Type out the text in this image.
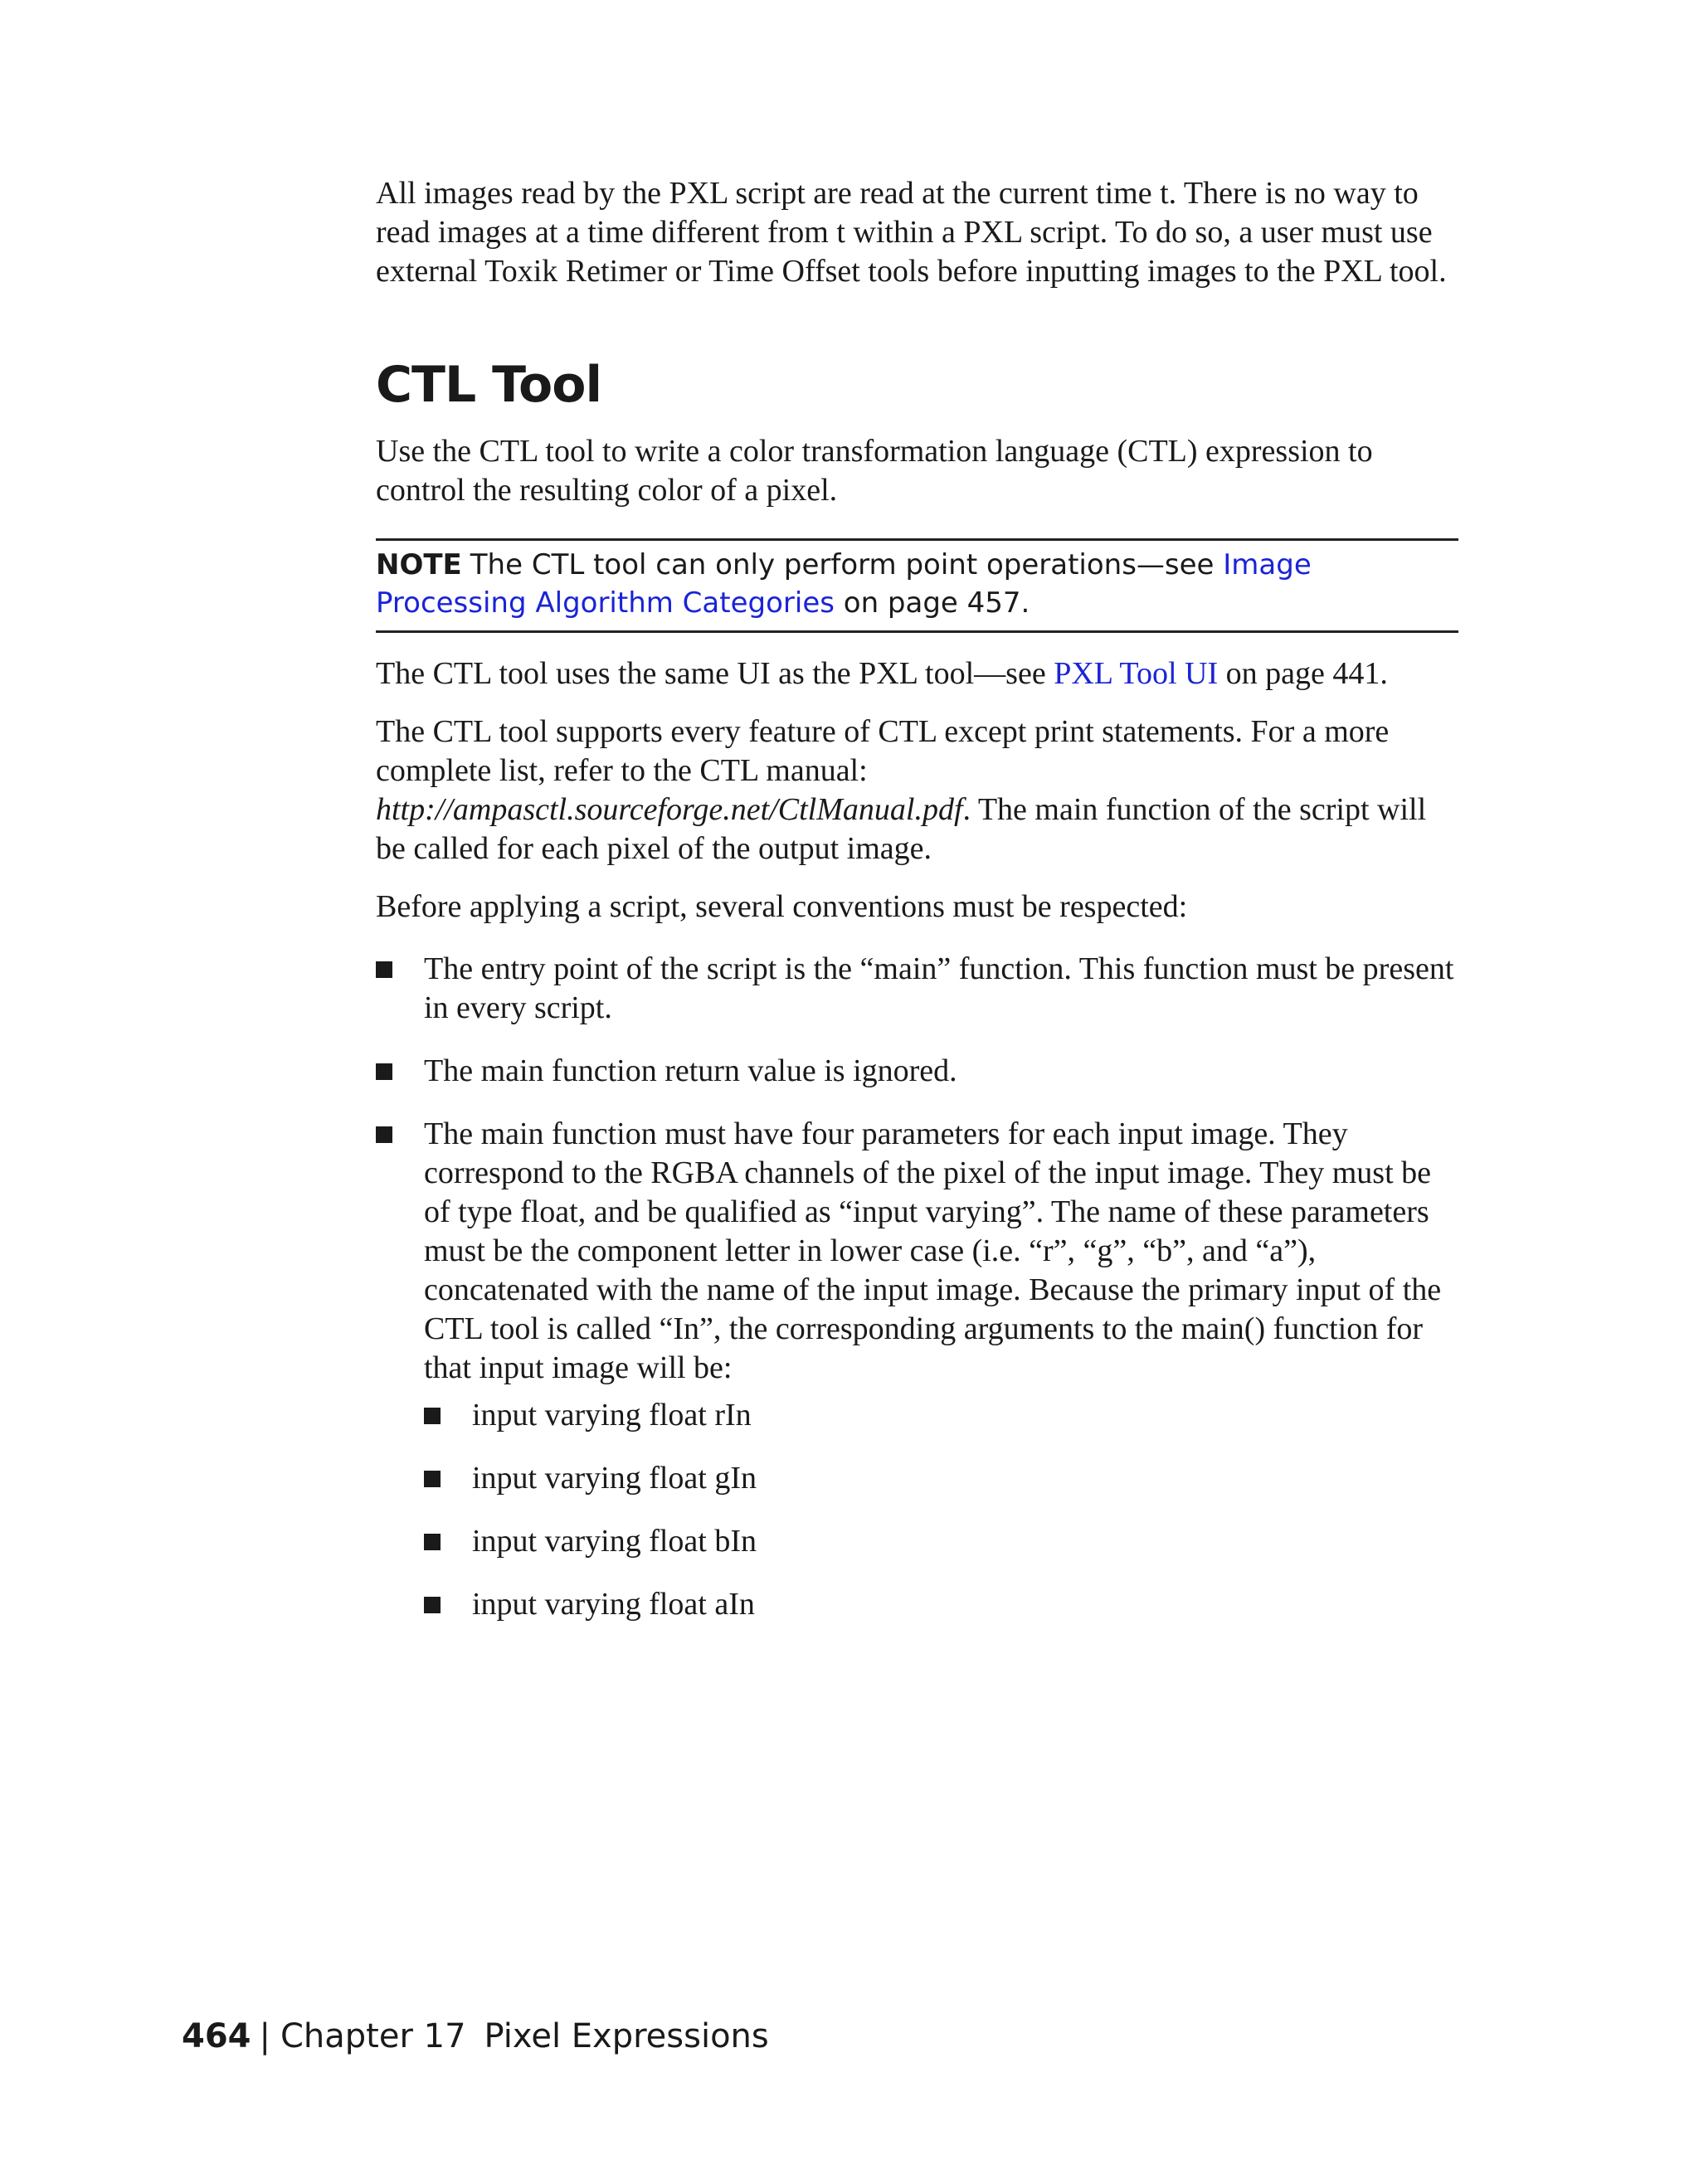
All images read by the PXL script are read at the current time t. There is no way to read images at a time different from t within a PXL script. To do so, a user must use external Toxik Retimer or Time Offset tools before inputting images to the PXL tool.

CTL Tool

Use the CTL tool to write a color transformation language (CTL) expression to control the resulting color of a pixel.

NOTE The CTL tool can only perform point operations—see Image Processing Algorithm Categories on page 457.

The CTL tool uses the same UI as the PXL tool—see PXL Tool UI on page 441.

The CTL tool supports every feature of CTL except print statements. For a more complete list, refer to the CTL manual: http://ampasctl.sourceforge.net/CtlManual.pdf. The main function of the script will be called for each pixel of the output image.

Before applying a script, several conventions must be respected:

The entry point of the script is the “main” function. This function must be present in every script.
The main function return value is ignored.
The main function must have four parameters for each input image. They correspond to the RGBA channels of the pixel of the input image. They must be of type float, and be qualified as “input varying”. The name of these parameters must be the component letter in lower case (i.e. “r”, “g”, “b”, and “a”), concatenated with the name of the input image. Because the primary input of the CTL tool is called “In”, the corresponding arguments to the main() function for that input image will be:
input varying float rIn
input varying float gIn
input varying float bIn
input varying float aIn
464 | Chapter 17 Pixel Expressions
